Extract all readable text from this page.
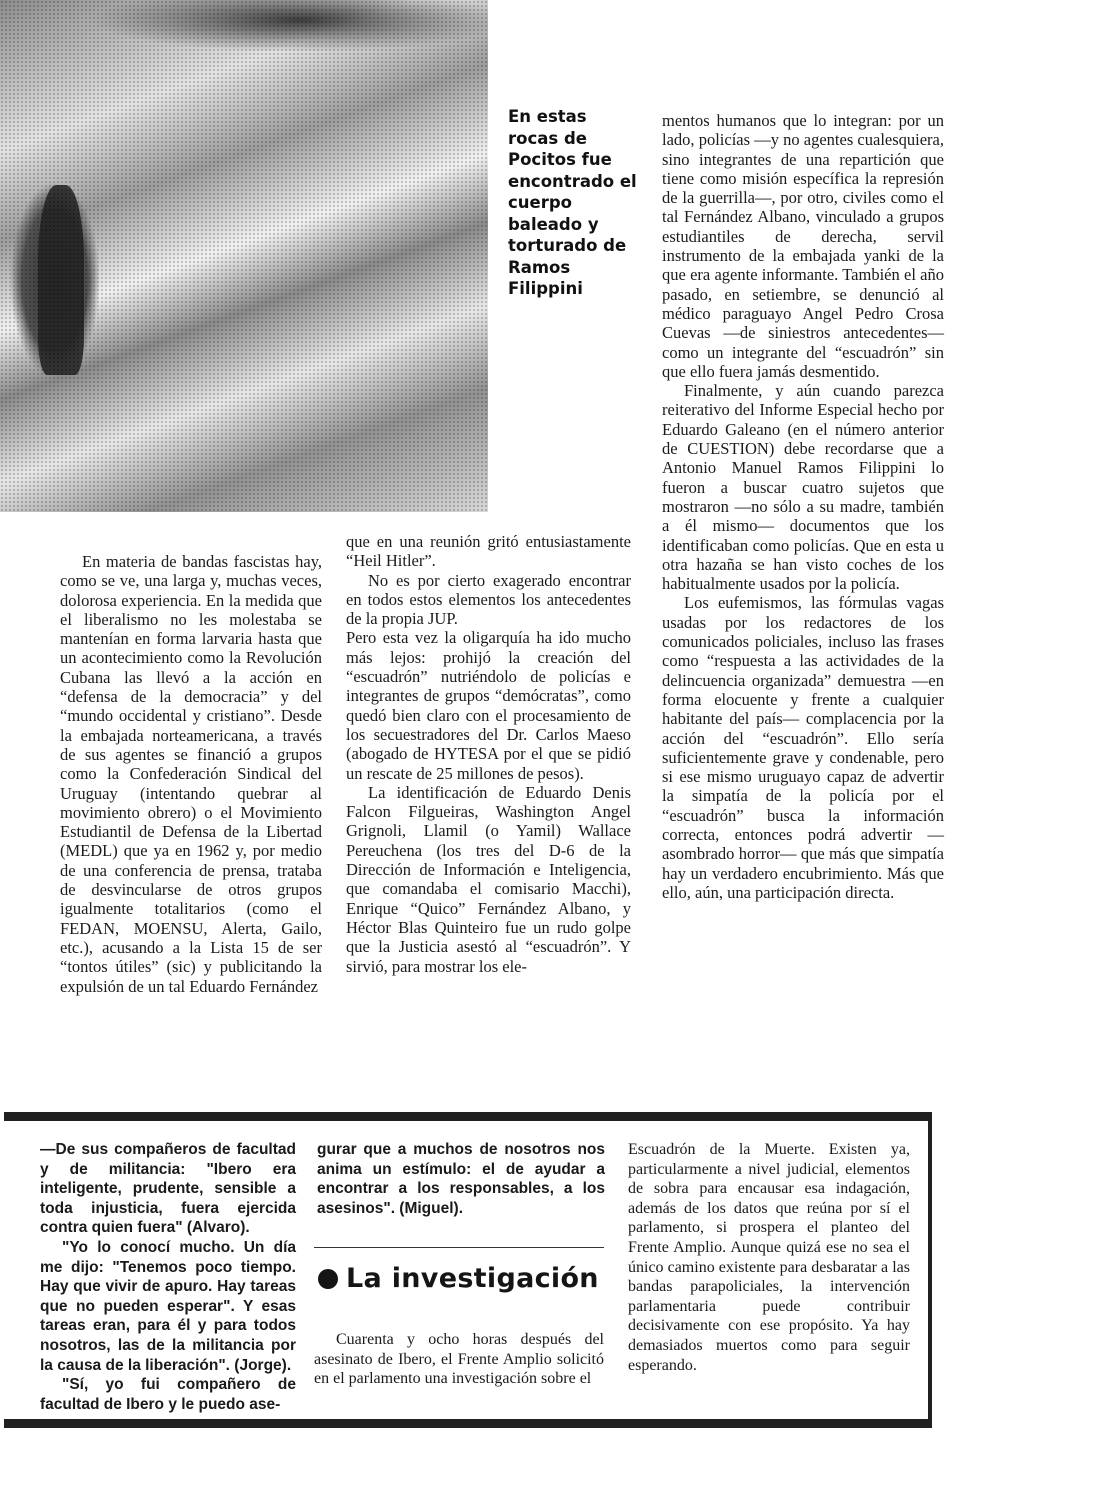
En estas rocas de Pocitos fue encontrado el cuerpo baleado y torturado de Ramos Filippini

En materia de bandas fascistas hay, como se ve, una larga y, muchas veces, dolorosa experiencia. En la medida que el liberalismo no les molestaba se mantenían en forma larvaria hasta que un acontecimiento como la Revolución Cubana las llevó a la acción en “defensa de la democracia” y del “mundo occidental y cristiano”. Desde la embajada norteamericana, a través de sus agentes se financió a grupos como la Confederación Sindical del Uruguay (intentando quebrar al movimiento obrero) o el Movimiento Estudiantil de Defensa de la Libertad (MEDL) que ya en 1962 y, por medio de una conferencia de prensa, trataba de desvincularse de otros grupos igualmente totalitarios (como el FEDAN, MOENSU, Alerta, Gailo, etc.), acusando a la Lista 15 de ser “tontos útiles” (sic) y publicitando la expulsión de un tal Eduardo Fernández

que en una reunión gritó entusiastamente “Heil Hitler”.

No es por cierto exagerado encontrar en todos estos elementos los antecedentes de la propia JUP.

Pero esta vez la oligarquía ha ido mucho más lejos: prohijó la creación del “escuadrón” nutriéndolo de policías e integrantes de grupos “demócratas”, como quedó bien claro con el procesamiento de los secuestradores del Dr. Carlos Maeso (abogado de HYTESA por el que se pidió un rescate de 25 millones de pesos).

La identificación de Eduardo Denis Falcon Filgueiras, Washington Angel Grignoli, Llamil (o Yamil) Wallace Pereuchena (los tres del D-6 de la Dirección de Información e Inteligencia, que comandaba el comisario Macchi), Enrique “Quico” Fernández Albano, y Héctor Blas Quinteiro fue un rudo golpe que la Justicia asestó al “escuadrón”. Y sirvió, para mostrar los ele-

mentos humanos que lo integran: por un lado, policías —y no agentes cualesquiera, sino integrantes de una repartición que tiene como misión específica la represión de la guerrilla—, por otro, civiles como el tal Fernández Albano, vinculado a grupos estudiantiles de derecha, servil instrumento de la embajada yanki de la que era agente informante. También el año pasado, en setiembre, se denunció al médico paraguayo Angel Pedro Crosa Cuevas —de siniestros antecedentes— como un integrante del “escuadrón” sin que ello fuera jamás desmentido.

Finalmente, y aún cuando parezca reiterativo del Informe Especial hecho por Eduardo Galeano (en el número anterior de CUESTION) debe recordarse que a Antonio Manuel Ramos Filippini lo fueron a buscar cuatro sujetos que mostraron —no sólo a su madre, también a él mismo— documentos que los identificaban como policías. Que en esta u otra hazaña se han visto coches de los habitualmente usados por la policía.

Los eufemismos, las fórmulas vagas usadas por los redactores de los comunicados policiales, incluso las frases como “respuesta a las actividades de la delincuencia organizada” demuestra —en forma elocuente y frente a cualquier habitante del país— complacencia por la acción del “escuadrón”. Ello sería suficientemente grave y condenable, pero si ese mismo uruguayo capaz de advertir la simpatía de la policía por el “escuadrón” busca la información correcta, entonces podrá advertir —asombrado horror— que más que simpatía hay un verdadero encubrimiento. Más que ello, aún, una participación directa.

—De sus compañeros de facultad y de militancia: "Ibero era inteligente, prudente, sensible a toda injusticia, fuera ejercida contra quien fuera" (Alvaro).

"Yo lo conocí mucho. Un día me dijo: "Tenemos poco tiempo. Hay que vivir de apuro. Hay tareas que no pueden esperar". Y esas tareas eran, para él y para todos nosotros, las de la militancia por la causa de la liberación". (Jorge).

"Sí, yo fui compañero de facultad de Ibero y le puedo ase-

gurar que a muchos de nosotros nos anima un estímulo: el de ayudar a encontrar a los responsables, a los asesinos". (Miguel).

La investigación

Cuarenta y ocho horas después del asesinato de Ibero, el Frente Amplio solicitó en el parlamento una investigación sobre el

Escuadrón de la Muerte. Existen ya, particularmente a nivel judicial, elementos de sobra para encausar esa indagación, además de los datos que reúna por sí el parlamento, si prospera el planteo del Frente Amplio. Aunque quizá ese no sea el único camino existente para desbaratar a las bandas parapoliciales, la intervención parlamentaria puede contribuir decisivamente con ese propósito. Ya hay demasiados muertos como para seguir esperando.
